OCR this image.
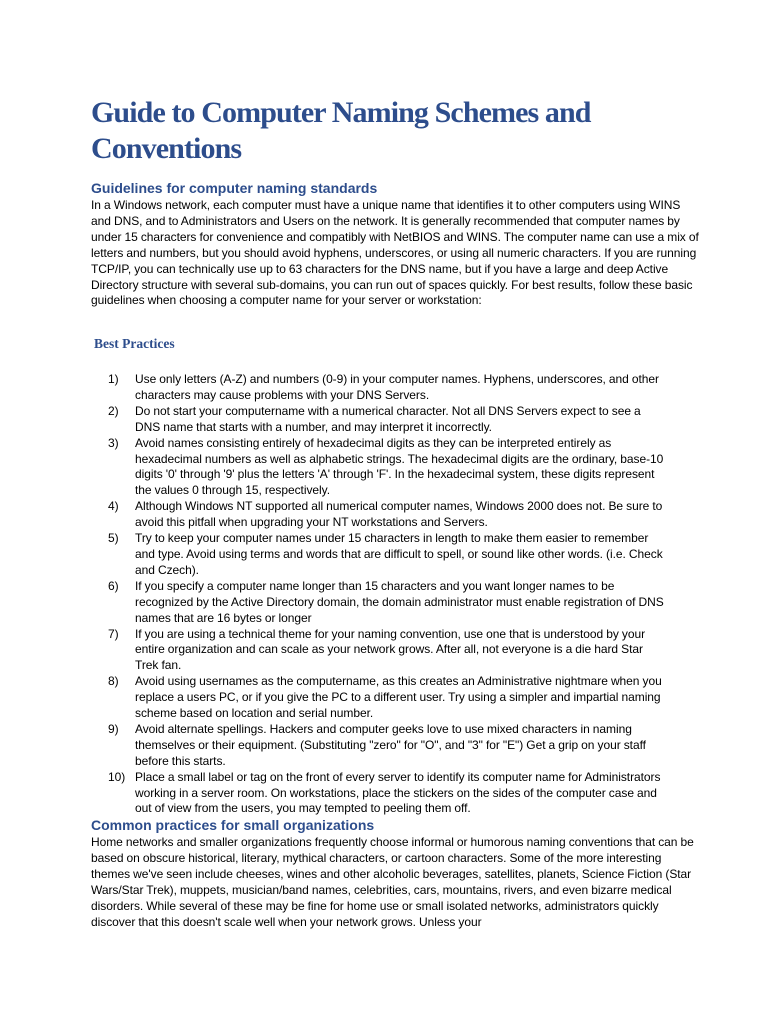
Guide to Computer Naming Schemes and Conventions
Guidelines for computer naming standards

In a Windows network, each computer must have a unique name that identifies it to other computers using WINS and DNS, and to Administrators and Users on the network. It is generally recommended that computer names by under 15 characters for convenience and compatibly with NetBIOS and WINS. The computer name can use a mix of letters and numbers, but you should avoid hyphens, underscores, or using all numeric characters. If you are running TCP/IP, you can technically use up to 63 characters for the DNS name, but if you have a large and deep Active Directory structure with several sub-domains, you can run out of spaces quickly. For best results, follow these basic guidelines when choosing a computer name for your server or workstation:

Best Practices
1)	Use only letters (A-Z) and numbers (0-9) in your computer names. Hyphens, underscores, and other characters may cause problems with your DNS Servers.
2)	Do not start your computername with a numerical character. Not all DNS Servers expect to see a DNS name that starts with a number, and may interpret it incorrectly.
3)	Avoid names consisting entirely of hexadecimal digits as they can be interpreted entirely as hexadecimal numbers as well as alphabetic strings. The hexadecimal digits are the ordinary, base-10 digits '0' through '9' plus the letters 'A' through 'F'. In the hexadecimal system, these digits represent the values 0 through 15, respectively.
4)	Although Windows NT supported all numerical computer names, Windows 2000 does not. Be sure to avoid this pitfall when upgrading your NT workstations and Servers.
5)	Try to keep your computer names under 15 characters in length to make them easier to remember and type. Avoid using terms and words that are difficult to spell, or sound like other words. (i.e. Check and Czech).
6)	If you specify a computer name longer than 15 characters and you want longer names to be recognized by the Active Directory domain, the domain administrator must enable registration of DNS names that are 16 bytes or longer
7)	If you are using a technical theme for your naming convention, use one that is understood by your entire organization and can scale as your network grows. After all, not everyone is a die hard Star Trek fan.
8)	Avoid using usernames as the computername, as this creates an Administrative nightmare when you replace a users PC, or if you give the PC to a different user. Try using a simpler and impartial naming scheme based on location and serial number.
9)	Avoid alternate spellings. Hackers and computer geeks love to use mixed characters in naming themselves or their equipment. (Substituting "zero" for "O", and "3" for "E") Get a grip on your staff before this starts.
10) Place a small label or tag on the front of every server to identify its computer name for Administrators working in a server room. On workstations, place the stickers on the sides of the computer case and out of view from the users, you may tempted to peeling them off.
Common practices for small organizations

Home networks and smaller organizations frequently choose informal or humorous naming conventions that can be based on obscure historical, literary, mythical characters, or cartoon characters. Some of the more interesting themes we've seen include cheeses, wines and other alcoholic beverages, satellites, planets, Science Fiction (Star Wars/Star Trek), muppets, musician/band names, celebrities, cars, mountains, rivers, and even bizarre medical disorders. While several of these may be fine for home use or small isolated networks, administrators quickly discover that this doesn't scale well when your network grows. Unless your
